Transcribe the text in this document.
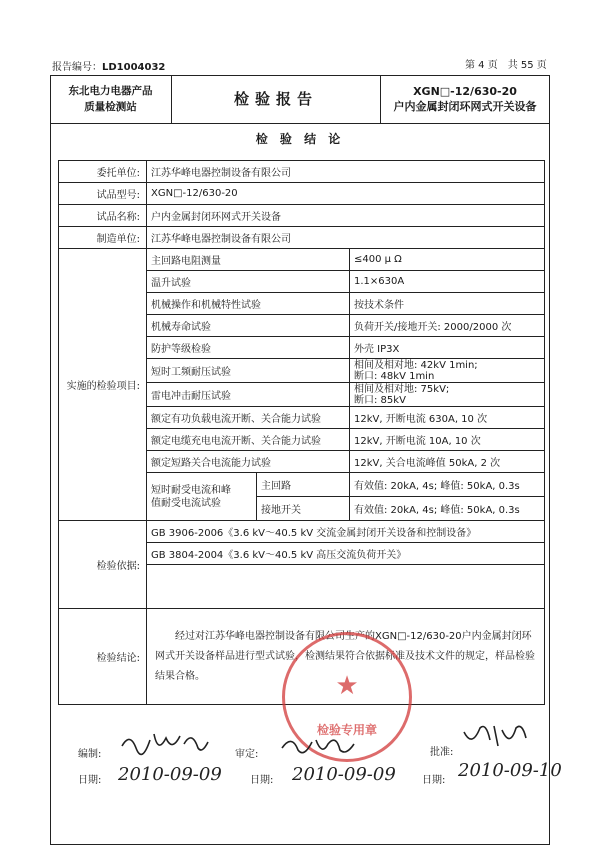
报告编号：LD1004032	第 4 页　共 55 页
东北电力电器产品
质量检测站	检验报告	XGN□-12/630-20
户内金属封闭环网式开关设备
检 验 结 论
委托单位:	江苏华峰电器控制设备有限公司		
试品型号:	XGN□-12/630-20		
试品名称:	户内金属封闭环网式开关设备		
制造单位:	江苏华峰电器控制设备有限公司		
实施的检验项目:	主回路电阻测量		≤400 μ Ω
	温升试验		1.1×630A
	机械操作和机械特性试验		按技术条件
	机械寿命试验		负荷开关/接地开关: 2000/2000 次
	防护等级检验		外壳 IP3X
	短时工频耐压试验		相间及相对地: 42kV 1min;
断口: 48kV 1min

	雷电冲击耐压试验		相间及相对地: 75kV;
断口: 85kV

	额定有功负载电流开断、关合能力试验		12kV, 开断电流 630A, 10 次
	额定电缆充电电流开断、关合能力试验		12kV, 开断电流 10A, 10 次
	额定短路关合电流能力试验		12kV, 关合电流峰值 50kA, 2 次

	短时耐受电流和峰
值耐受电流试验	主回路	有效值: 20kA, 4s; 峰值: 50kA, 0.3s
		接地开关	有效值: 20kA, 4s; 峰值: 50kA, 0.3s
检验依据:	GB 3906-2006《3.6 kV～40.5 kV 交流金属封闭开关设备和控制设备》		
	GB 3804-2004《3.6 kV～40.5 kV 高压交流负荷开关》		

检验结论:	经过对江苏华峰电器控制设备有限公司生产的XGN□-12/630-20户内金属封闭环网式开关设备样品进行型式试验，检测结果符合依据标准及技术文件的规定，样品检验结果合格。			★
检验专用章
编制:	审定:	批准:
日期: 2010-09-09	日期: 2010-09-09	日期: 2010-09-10
